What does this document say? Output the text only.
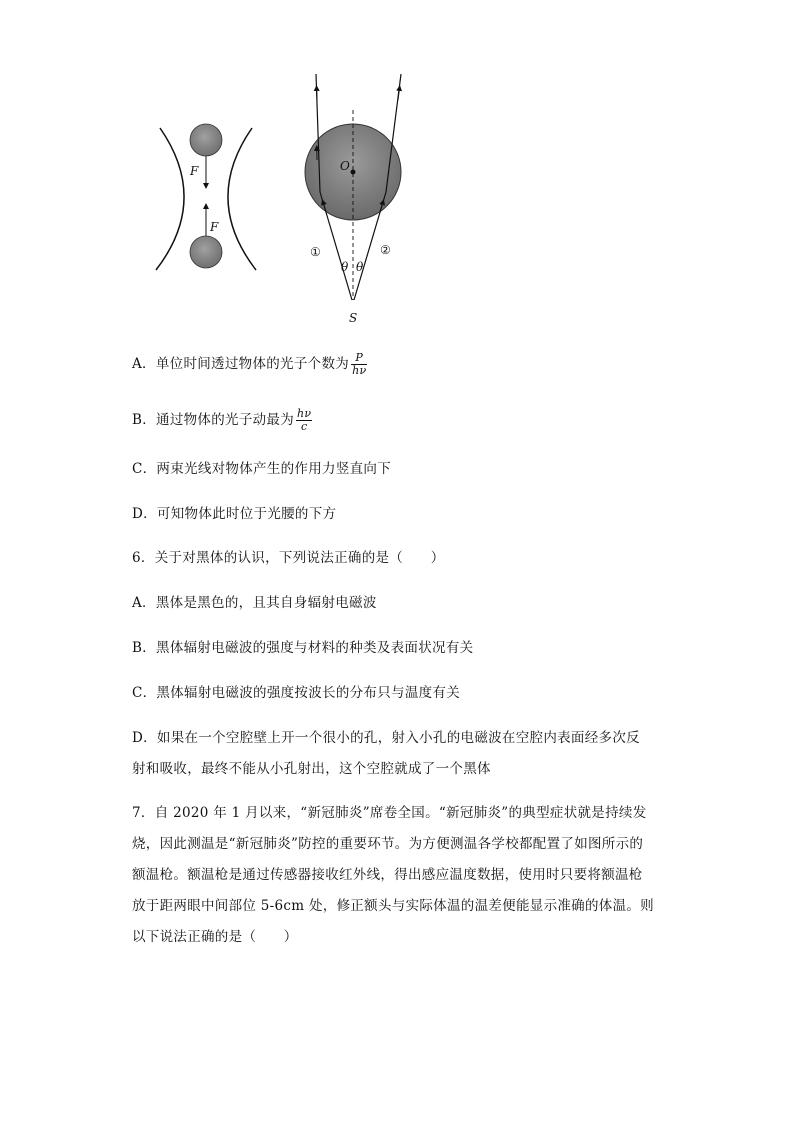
F
F
O
①	②
θ θ
S
A．单位时间透过物体的光子个数为 $\frac{P}{h\nu}$
B．通过物体的光子动最为 $\frac{h\nu}{c}$
C．两束光线对物体产生的作用力竖直向下
D．可知物体此时位于光腰的下方
6．关于对黑体的认识，下列说法正确的是（　　）
A．黑体是黑色的，且其自身辐射电磁波
B．黑体辐射电磁波的强度与材料的种类及表面状况有关
C．黑体辐射电磁波的强度按波长的分布只与温度有关
D．如果在一个空腔壁上开一个很小的孔，射入小孔的电磁波在空腔内表面经多次反
射和吸收，最终不能从小孔射出，这个空腔就成了一个黑体
7．自 2020 年 1 月以来，“新冠肺炎”席卷全国。“新冠肺炎”的典型症状就是持续发
烧，因此测温是“新冠肺炎”防控的重要环节。为方便测温各学校都配置了如图所示的
额温枪。额温枪是通过传感器接收红外线，得出感应温度数据，使用时只要将额温枪
放于距两眼中间部位 5-6cm 处，修正额头与实际体温的温差便能显示准确的体温。则
以下说法正确的是（　　）
